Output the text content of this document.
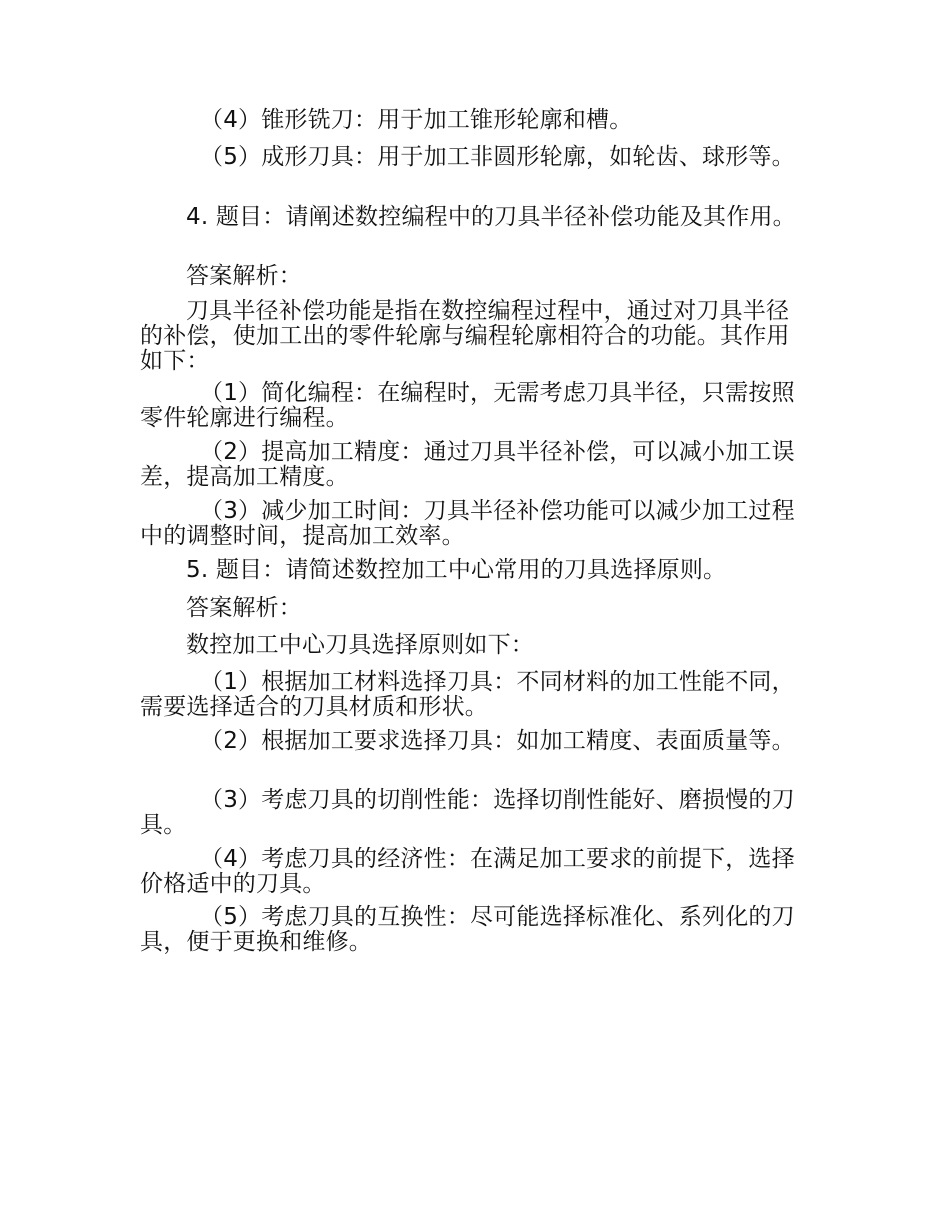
（4）锥形铣刀：用于加工锥形轮廓和槽。

（5）成形刀具：用于加工非圆形轮廓，如轮齿、球形等。

4. 题目：请阐述数控编程中的刀具半径补偿功能及其作用。

答案解析：

刀具半径补偿功能是指在数控编程过程中，通过对刀具半径的补偿，使加工出的零件轮廓与编程轮廓相符合的功能。其作用如下：

（1）简化编程：在编程时，无需考虑刀具半径，只需按照零件轮廓进行编程。

（2）提高加工精度：通过刀具半径补偿，可以减小加工误差，提高加工精度。

（3）减少加工时间：刀具半径补偿功能可以减少加工过程中的调整时间，提高加工效率。

5. 题目：请简述数控加工中心常用的刀具选择原则。

答案解析：

数控加工中心刀具选择原则如下：

（1）根据加工材料选择刀具：不同材料的加工性能不同，需要选择适合的刀具材质和形状。

（2）根据加工要求选择刀具：如加工精度、表面质量等。

（3）考虑刀具的切削性能：选择切削性能好、磨损慢的刀具。

（4）考虑刀具的经济性：在满足加工要求的前提下，选择价格适中的刀具。

（5）考虑刀具的互换性：尽可能选择标准化、系列化的刀具，便于更换和维修。
